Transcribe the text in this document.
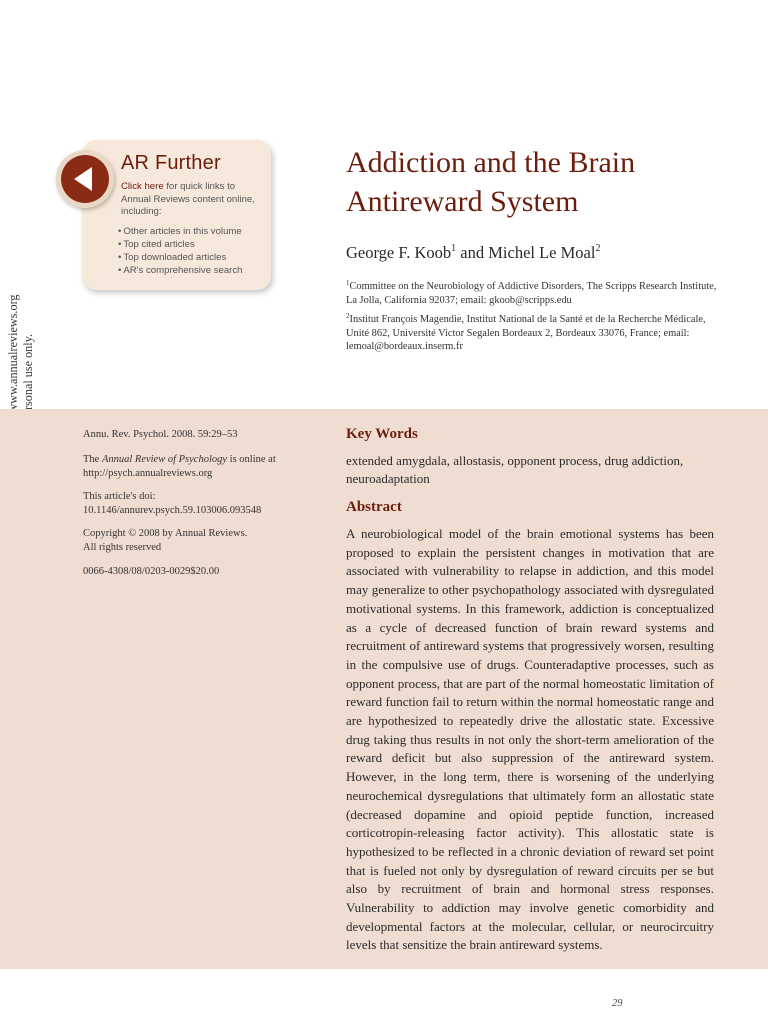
AR Further
Click here for quick links to Annual Reviews content online, including:
• Other articles in this volume
• Top cited articles
• Top downloaded articles
• AR's comprehensive search
Addiction and the Brain Antireward System
George F. Koob$^1$ and Michel Le Moal$^2$
$^1$Committee on the Neurobiology of Addictive Disorders, The Scripps Research Institute, La Jolla, California 92037; email: gkoob@scripps.edu
$^2$Institut François Magendie, Institut National de la Santé et de la Recherche Médicale, Unité 862, Université Victor Segalen Bordeaux 2, Bordeaux 33076, France; email: lemoal@bordeaux.inserm.fr
Annu. Rev. Psychol. 2008. 59:29–53
The Annual Review of Psychology is online at http://psych.annualreviews.org
This article's doi:
10.1146/annurev.psych.59.103006.093548
Copyright © 2008 by Annual Reviews.
All rights reserved
0066-4308/08/0203-0029$20.00
Key Words
extended amygdala, allostasis, opponent process, drug addiction, neuroadaptation
Abstract
A neurobiological model of the brain emotional systems has been proposed to explain the persistent changes in motivation that are associated with vulnerability to relapse in addiction, and this model may generalize to other psychopathology associated with dysregulated motivational systems. In this framework, addiction is conceptualized as a cycle of decreased function of brain reward systems and recruitment of antireward systems that progressively worsen, resulting in the compulsive use of drugs. Counteradaptive processes, such as opponent process, that are part of the normal homeostatic limitation of reward function fail to return within the normal homeostatic range and are hypothesized to repeatedly drive the allostatic state. Excessive drug taking thus results in not only the short-term amelioration of the reward deficit but also suppression of the antireward system. However, in the long term, there is worsening of the underlying neurochemical dysregulations that ultimately form an allostatic state (decreased dopamine and opioid peptide function, increased corticotropin-releasing factor activity). This allostatic state is hypothesized to be reflected in a chronic deviation of reward set point that is fueled not only by dysregulation of reward circuits per se but also by recruitment of brain and hormonal stress responses. Vulnerability to addiction may involve genetic comorbidity and developmental factors at the molecular, cellular, or neurocircuitry levels that sensitize the brain antireward systems.
29
